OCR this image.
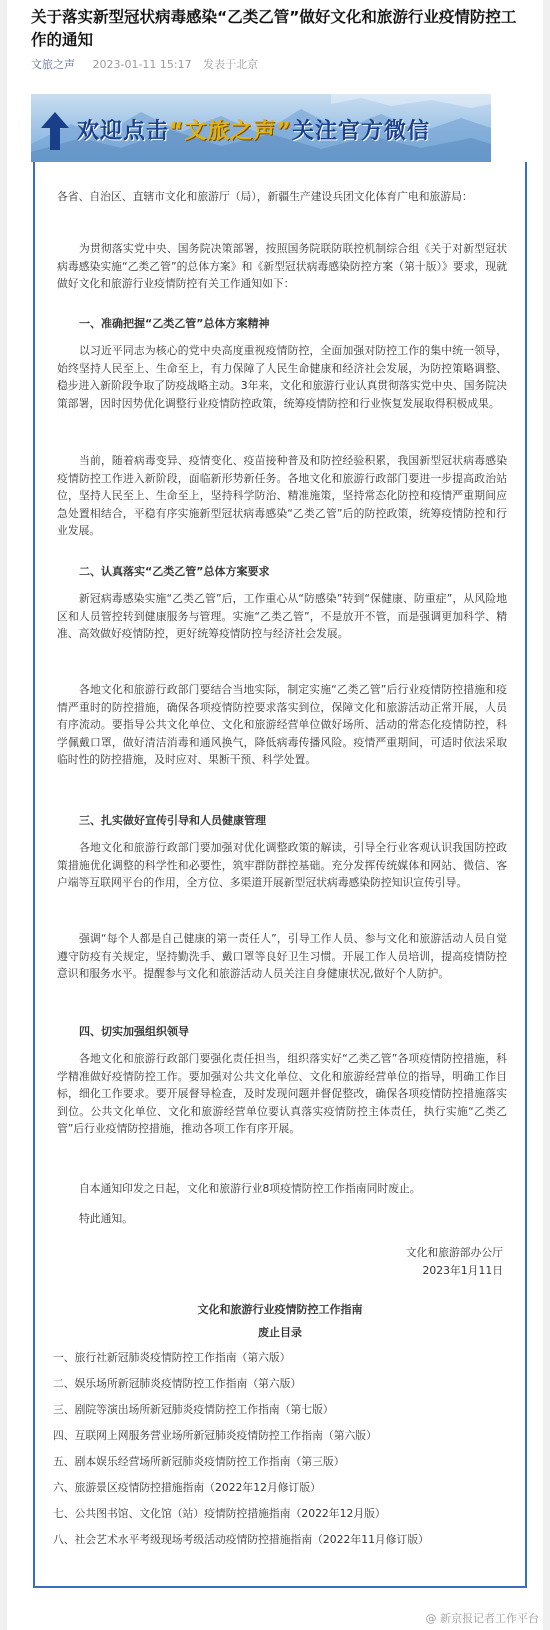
关于落实新型冠状病毒感染“乙类乙管”做好文化和旅游行业疫情防控工作的通知
文旅之声 2023-01-11 15:17 发表于北京
欢迎点击“文旅之声”关注官方微信
各省、自治区、直辖市文化和旅游厅（局），新疆生产建设兵团文化体育广电和旅游局：
为贯彻落实党中央、国务院决策部署，按照国务院联防联控机制综合组《关于对新型冠状病毒感染实施“乙类乙管”的总体方案》和《新型冠状病毒感染防控方案（第十版）》要求，现就做好文化和旅游行业疫情防控有关工作通知如下：
一、准确把握“乙类乙管”总体方案精神
以习近平同志为核心的党中央高度重视疫情防控，全面加强对防控工作的集中统一领导，始终坚持人民至上、生命至上，有力保障了人民生命健康和经济社会发展，为防控策略调整、稳步进入新阶段争取了防疫战略主动。3年来，文化和旅游行业认真贯彻落实党中央、国务院决策部署，因时因势优化调整行业疫情防控政策，统筹疫情防控和行业恢复发展取得积极成果。
当前，随着病毒变异、疫情变化、疫苗接种普及和防控经验积累，我国新型冠状病毒感染疫情防控工作进入新阶段，面临新形势新任务。各地文化和旅游行政部门要进一步提高政治站位，坚持人民至上、生命至上，坚持科学防治、精准施策，坚持常态化防控和疫情严重期间应急处置相结合，平稳有序实施新型冠状病毒感染“乙类乙管”后的防控政策，统筹疫情防控和行业发展。
二、认真落实“乙类乙管”总体方案要求
新冠病毒感染实施“乙类乙管”后，工作重心从“防感染”转到“保健康、防重症”，从风险地区和人员管控转到健康服务与管理。实施“乙类乙管”，不是放开不管，而是强调更加科学、精准、高效做好疫情防控，更好统筹疫情防控与经济社会发展。
各地文化和旅游行政部门要结合当地实际，制定实施“乙类乙管”后行业疫情防控措施和疫情严重时的防控措施，确保各项疫情防控要求落实到位，保障文化和旅游活动正常开展，人员有序流动。要指导公共文化单位、文化和旅游经营单位做好场所、活动的常态化疫情防控，科学佩戴口罩，做好清洁消毒和通风换气，降低病毒传播风险。疫情严重期间，可适时依法采取临时性的防控措施，及时应对、果断干预、科学处置。
三、扎实做好宣传引导和人员健康管理
各地文化和旅游行政部门要加强对优化调整政策的解读，引导全行业客观认识我国防控政策措施优化调整的科学性和必要性，筑牢群防群控基础。充分发挥传统媒体和网站、微信、客户端等互联网平台的作用，全方位、多渠道开展新型冠状病毒感染防控知识宣传引导。
强调“每个人都是自己健康的第一责任人”，引导工作人员、参与文化和旅游活动人员自觉遵守防疫有关规定，坚持勤洗手、戴口罩等良好卫生习惯。开展工作人员培训，提高疫情防控意识和服务水平。提醒参与文化和旅游活动人员关注自身健康状况,做好个人防护。
四、切实加强组织领导
各地文化和旅游行政部门要强化责任担当，组织落实好“乙类乙管”各项疫情防控措施，科学精准做好疫情防控工作。要加强对公共文化单位、文化和旅游经营单位的指导，明确工作目标，细化工作要求。要开展督导检查，及时发现问题并督促整改，确保各项疫情防控措施落实到位。公共文化单位、文化和旅游经营单位要认真落实疫情防控主体责任，执行实施“乙类乙管”后行业疫情防控措施，推动各项工作有序开展。
自本通知印发之日起，文化和旅游行业8项疫情防控工作指南同时废止。
特此通知。
文化和旅游部办公厅
2023年1月11日
文化和旅游行业疫情防控工作指南
废止目录
一、旅行社新冠肺炎疫情防控工作指南（第六版）
二、娱乐场所新冠肺炎疫情防控工作指南（第六版）
三、剧院等演出场所新冠肺炎疫情防控工作指南（第七版）
四、互联网上网服务营业场所新冠肺炎疫情防控工作指南（第六版）
五、剧本娱乐经营场所新冠肺炎疫情防控工作指南（第三版）
六、旅游景区疫情防控措施指南（2022年12月修订版）
七、公共图书馆、文化馆（站）疫情防控措施指南（2022年12月版）
八、社会艺术水平考级现场考级活动疫情防控措施指南（2022年11月修订版）
@ 新京报记者工作平台
